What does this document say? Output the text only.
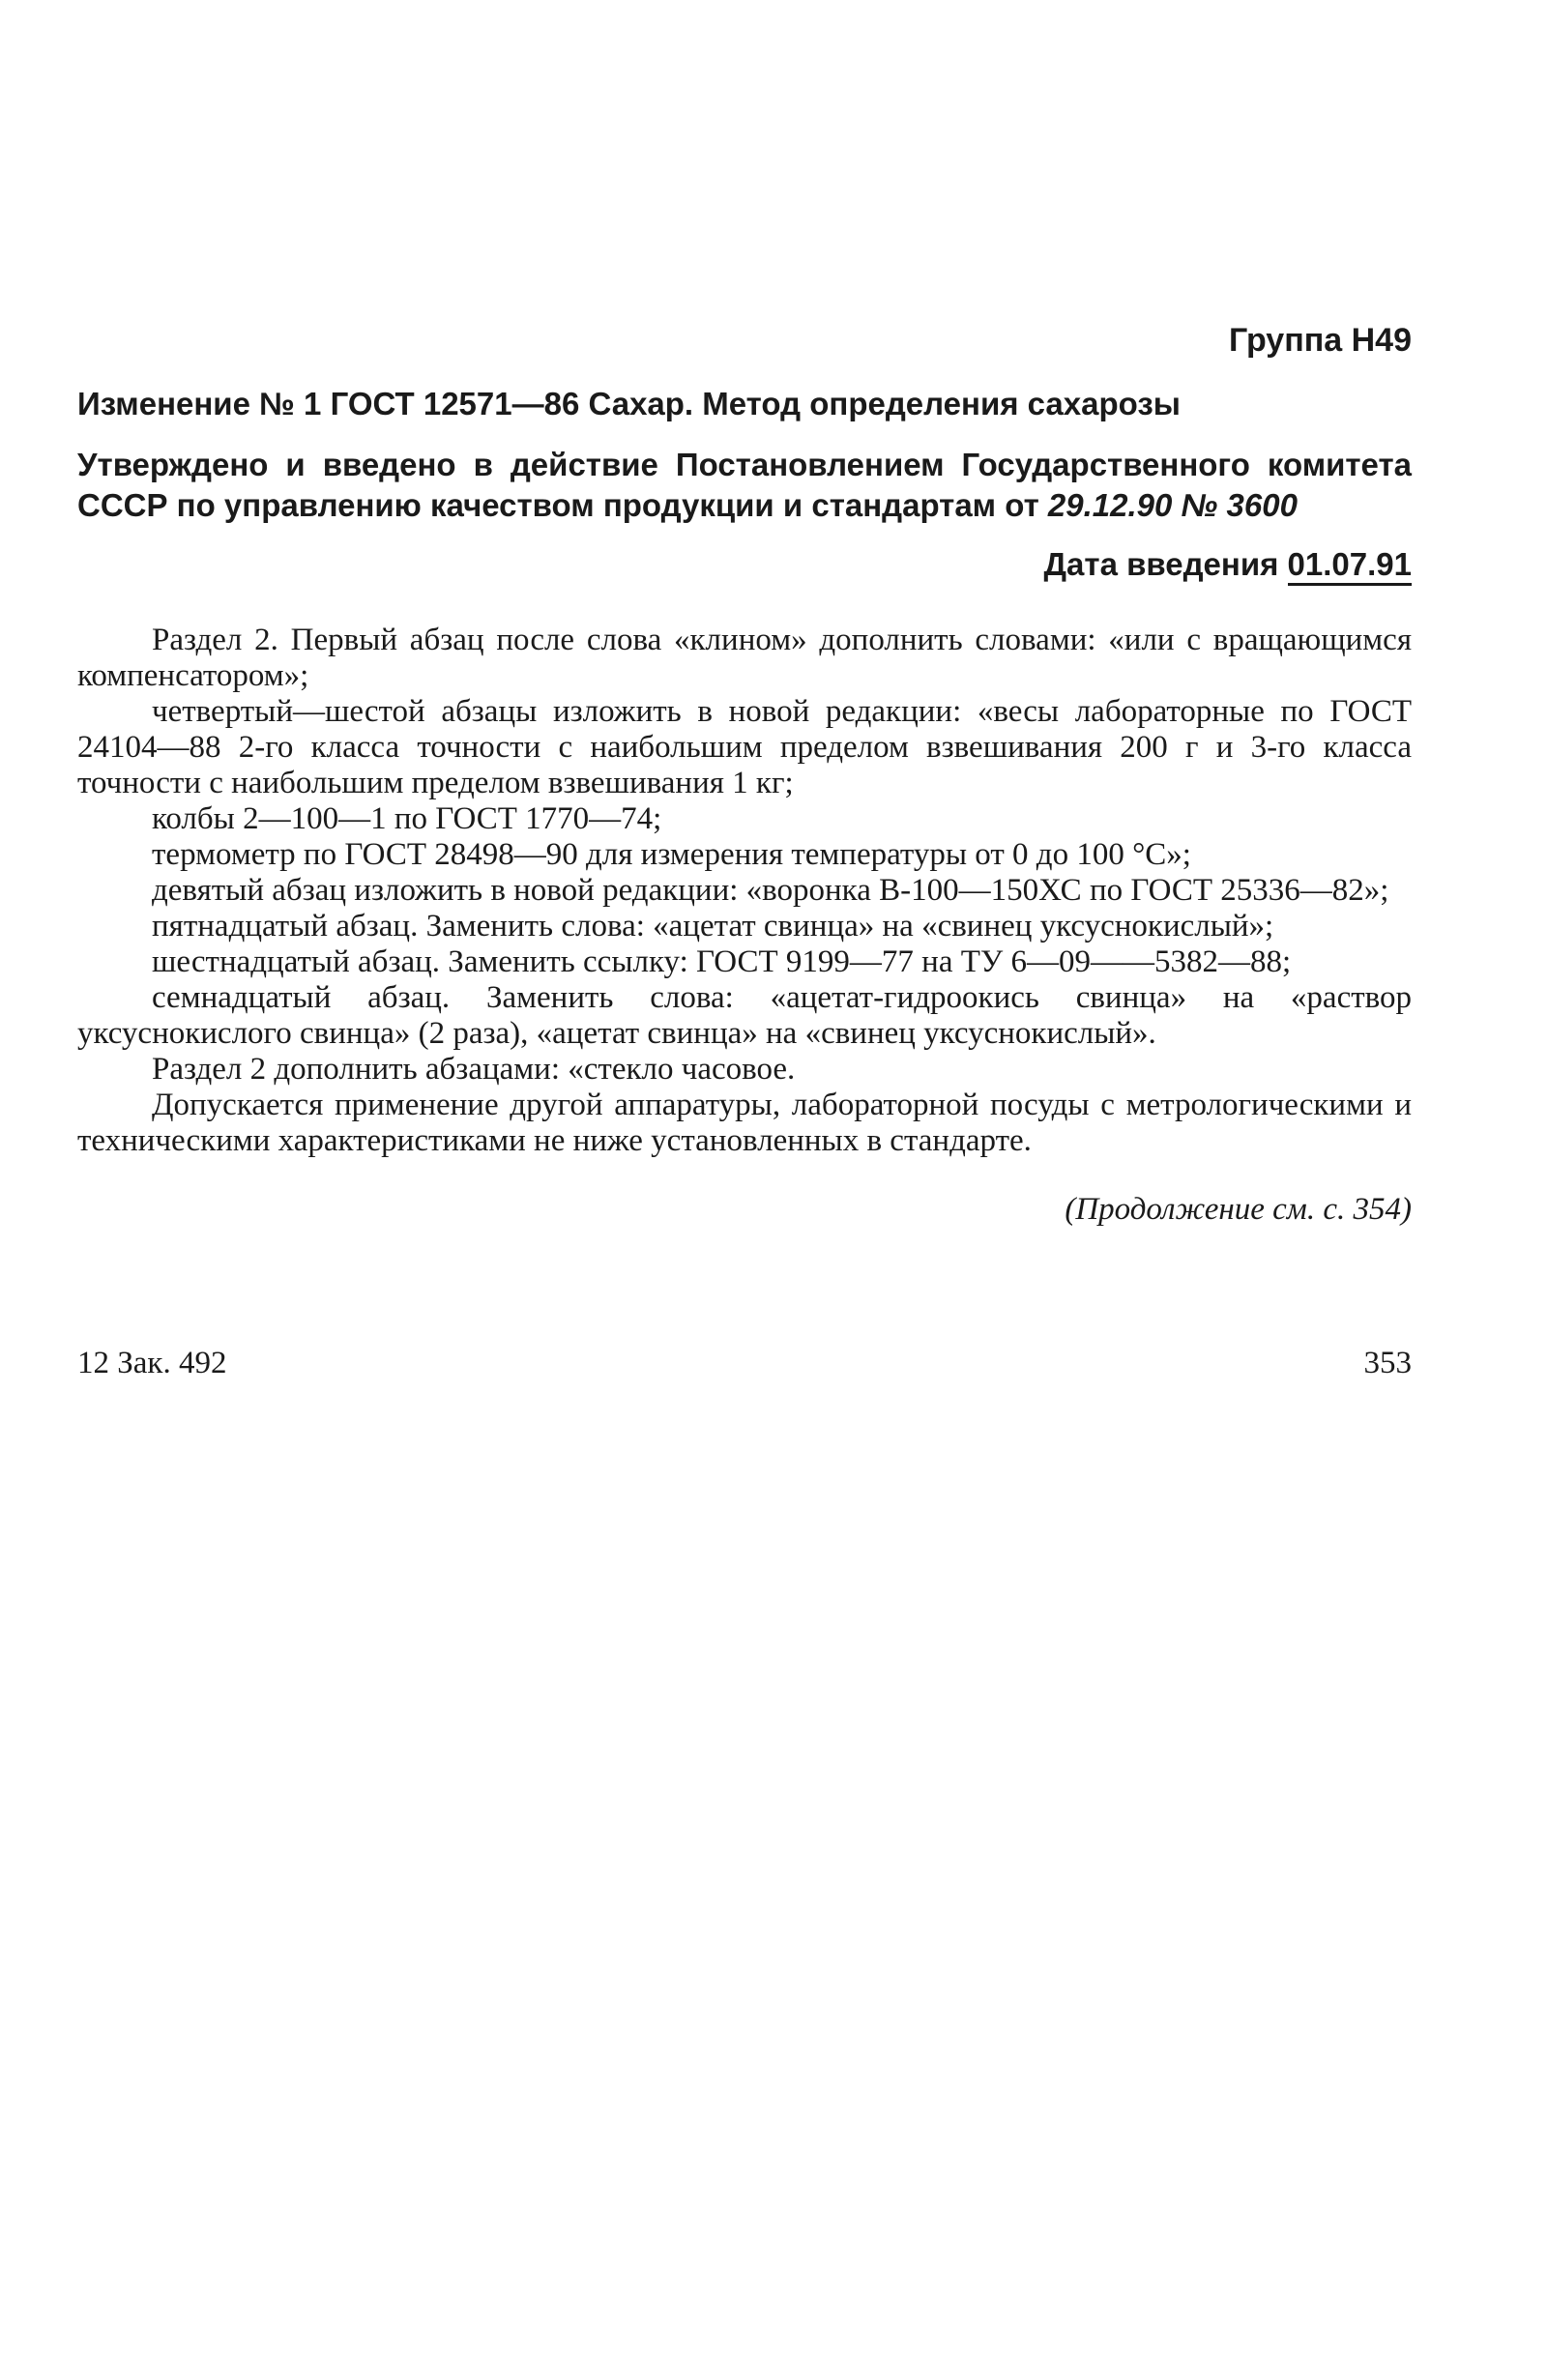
Группа Н49
Изменение № 1 ГОСТ 12571—86 Сахар. Метод определения сахарозы
Утверждено и введено в действие Постановлением Государственного комитета СССР по управлению качеством продукции и стандартам от 29.12.90 № 3600
Дата введения 01.07.91

Раздел 2. Первый абзац после слова «клином» дополнить словами: «или с вращающимся компенсатором»;

четвертый—шестой абзацы изложить в новой редакции: «весы лабораторные по ГОСТ 24104—88 2-го класса точности с наибольшим пределом взвешивания 200 г и 3-го класса точности с наибольшим пределом взвешивания 1 кг;

колбы 2—100—1 по ГОСТ 1770—74;

термометр по ГОСТ 28498—90 для измерения температуры от 0 до 100 °С»;

девятый абзац изложить в новой редакции: «воронка В-100—150ХС по ГОСТ 25336—82»;

пятнадцатый абзац. Заменить слова: «ацетат свинца» на «свинец уксуснокислый»;

шестнадцатый абзац. Заменить ссылку: ГОСТ 9199—77 на ТУ 6—09——5382—88;

семнадцатый абзац. Заменить слова: «ацетат-гидроокись свинца» на «раствор уксуснокислого свинца» (2 раза), «ацетат свинца» на «свинец уксуснокислый».

Раздел 2 дополнить абзацами: «стекло часовое.

Допускается применение другой аппаратуры, лабораторной посуды с метрологическими и техническими характеристиками не ниже установленных в стандарте.

(Продолжение см. с. 354)
12 Зак. 492	353
